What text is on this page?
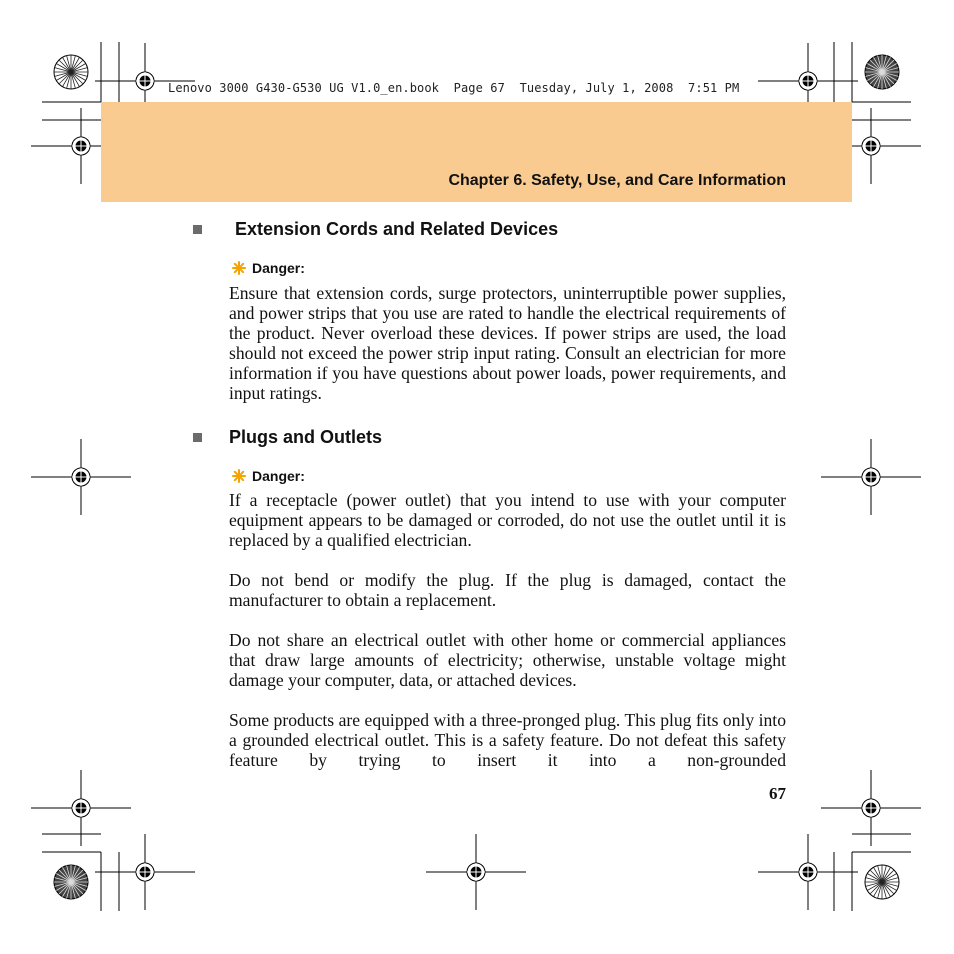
Lenovo 3000 G430-G530 UG V1.0_en.book  Page 67  Tuesday, July 1, 2008  7:51 PM
Chapter 6. Safety, Use, and Care Information
Extension Cords and Related Devices
Danger:
Ensure that extension cords, surge protectors, uninterruptible power supplies, and power strips that you use are rated to handle the electrical requirements of the product. Never overload these devices. If power strips are used, the load should not exceed the power strip input rating. Consult an electrician for more information if you have questions about power loads, power requirements, and input ratings.
Plugs and Outlets
Danger:
If a receptacle (power outlet) that you intend to use with your computer equipment appears to be damaged or corroded, do not use the outlet until it is replaced by a qualified electrician.
Do not bend or modify the plug. If the plug is damaged, contact the manufacturer to obtain a replacement.
Do not share an electrical outlet with other home or commercial appliances that draw large amounts of electricity; otherwise, unstable voltage might damage your computer, data, or attached devices.
Some products are equipped with a three-pronged plug. This plug fits only into a grounded electrical outlet. This is a safety feature. Do not defeat this safety feature by trying to insert it into a non-grounded
67
